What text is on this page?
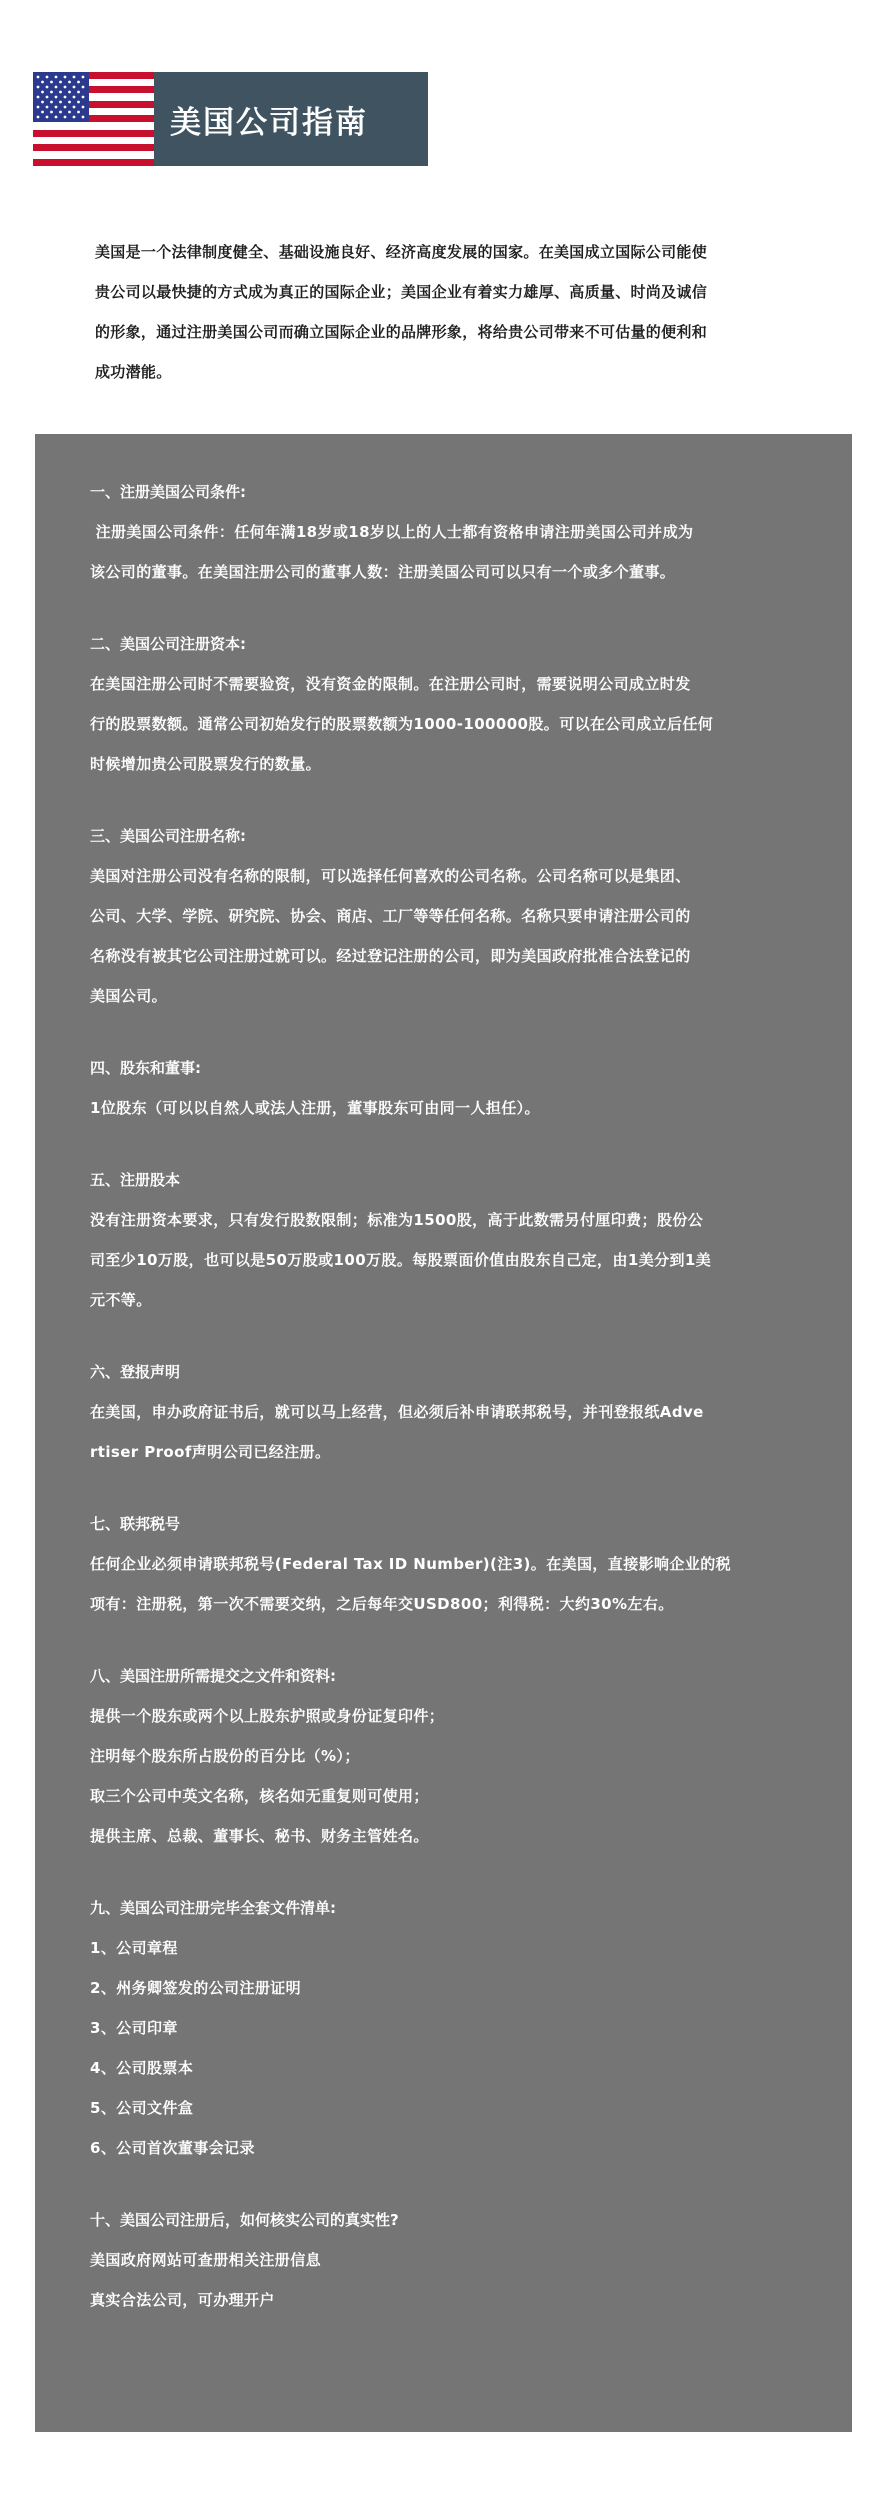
美国公司指南
美国是一个法律制度健全、基础设施良好、经济高度发展的国家。在美国成立国际公司能使
贵公司以最快捷的方式成为真正的国际企业；美国企业有着实力雄厚、高质量、时尚及诚信
的形象，通过注册美国公司而确立国际企业的品牌形象，将给贵公司带来不可估量的便利和
成功潜能。
一、注册美国公司条件:

注册美国公司条件：任何年满18岁或18岁以上的人士都有资格申请注册美国公司并成为

该公司的董事。在美国注册公司的董事人数：注册美国公司可以只有一个或多个董事。

二、美国公司注册资本:

在美国注册公司时不需要验资，没有资金的限制。在注册公司时，需要说明公司成立时发

行的股票数额。通常公司初始发行的股票数额为1000-100000股。可以在公司成立后任何

时候增加贵公司股票发行的数量。

三、美国公司注册名称:

美国对注册公司没有名称的限制，可以选择任何喜欢的公司名称。公司名称可以是集团、

公司、大学、学院、研究院、协会、商店、工厂等等任何名称。名称只要申请注册公司的

名称没有被其它公司注册过就可以。经过登记注册的公司，即为美国政府批准合法登记的

美国公司。

四、股东和董事:

1位股东（可以以自然人或法人注册，董事股东可由同一人担任）。

五、注册股本

没有注册资本要求，只有发行股数限制；标准为1500股，高于此数需另付厘印费；股份公

司至少10万股，也可以是50万股或100万股。每股票面价值由股东自己定，由1美分到1美

元不等。

六、登报声明

在美国，申办政府证书后，就可以马上经营，但必须后补申请联邦税号，并刊登报纸Adve

rtiser Proof声明公司已经注册。

七、联邦税号

任何企业必须申请联邦税号(Federal Tax ID Number)(注3)。在美国，直接影响企业的税

项有：注册税，第一次不需要交纳，之后每年交USD800；利得税：大约30%左右。

八、美国注册所需提交之文件和资料:

提供一个股东或两个以上股东护照或身份证复印件；

注明每个股东所占股份的百分比（%）；

取三个公司中英文名称，核名如无重复则可使用；

提供主席、总裁、董事长、秘书、财务主管姓名。

九、美国公司注册完毕全套文件清单:

1、公司章程

2、州务卿签发的公司注册证明

3、公司印章

4、公司股票本

5、公司文件盒

6、公司首次董事会记录

十、美国公司注册后，如何核实公司的真实性?

美国政府网站可查册相关注册信息

真实合法公司，可办理开户
